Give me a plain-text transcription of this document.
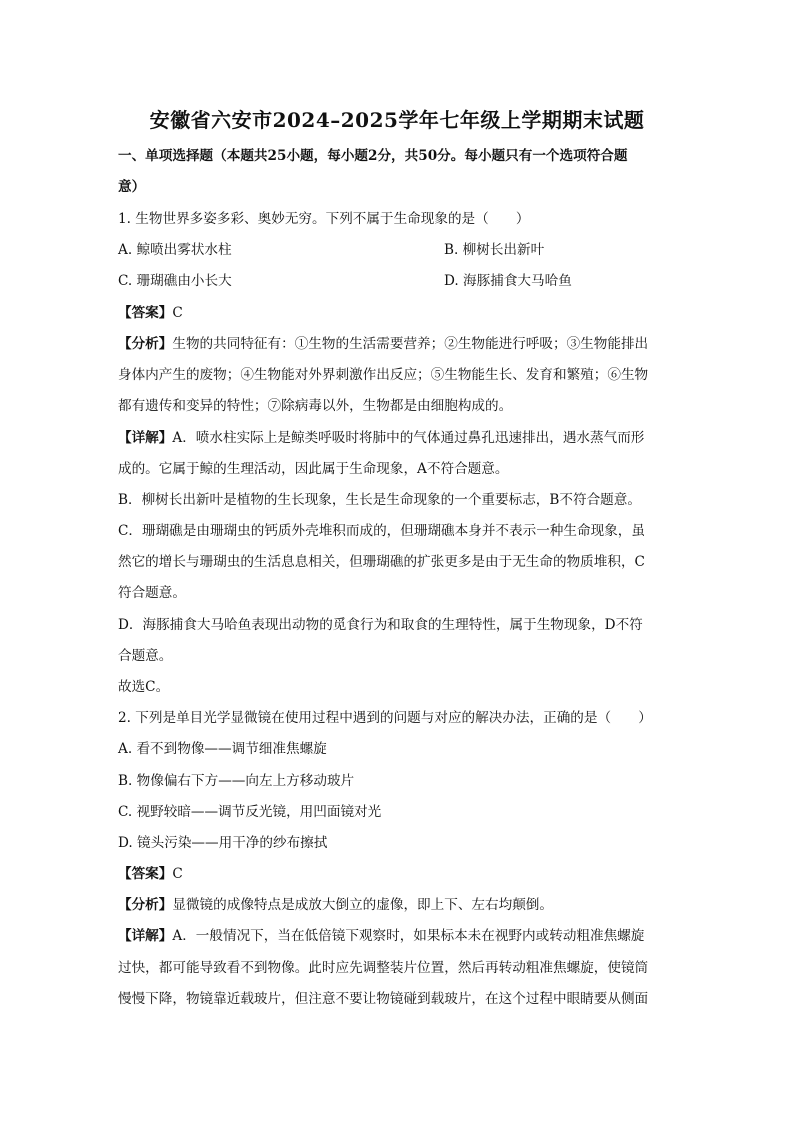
安徽省六安市2024–2025学年七年级上学期期末试题
一、单项选择题（本题共25小题，每小题2分，共50分。每小题只有一个选项符合题
意）
1. 生物世界多姿多彩、奥妙无穷。下列不属于生命现象的是（　　）
A. 鲸喷出雾状水柱	B. 柳树长出新叶
C. 珊瑚礁由小长大	D. 海豚捕食大马哈鱼
【答案】C
【分析】生物的共同特征有：①生物的生活需要营养；②生物能进行呼吸；③生物能排出
身体内产生的废物；④生物能对外界刺激作出反应；⑤生物能生长、发育和繁殖；⑥生物
都有遗传和变异的特性；⑦除病毒以外，生物都是由细胞构成的。
【详解】A．喷水柱实际上是鲸类呼吸时将肺中的气体通过鼻孔迅速排出，遇水蒸气而形
成的。它属于鲸的生理活动，因此属于生命现象，A不符合题意。
B．柳树长出新叶是植物的生长现象，生长是生命现象的一个重要标志，B不符合题意。
C．珊瑚礁是由珊瑚虫的钙质外壳堆积而成的，但珊瑚礁本身并不表示一种生命现象，虽
然它的增长与珊瑚虫的生活息息相关，但珊瑚礁的扩张更多是由于无生命的物质堆积，C
符合题意。
D．海豚捕食大马哈鱼表现出动物的觅食行为和取食的生理特性，属于生物现象，D不符
合题意。
故选C。
2. 下列是单目光学显微镜在使用过程中遇到的问题与对应的解决办法，正确的是（　　）
A. 看不到物像——调节细准焦螺旋
B. 物像偏右下方——向左上方移动玻片
C. 视野较暗——调节反光镜，用凹面镜对光
D. 镜头污染——用干净的纱布擦拭
【答案】C
【分析】显微镜的成像特点是成放大倒立的虚像，即上下、左右均颠倒。
【详解】A．一般情况下，当在低倍镜下观察时，如果标本未在视野内或转动粗准焦螺旋
过快，都可能导致看不到物像。此时应先调整装片位置，然后再转动粗准焦螺旋，使镜筒
慢慢下降，物镜靠近载玻片，但注意不要让物镜碰到载玻片，在这个过程中眼睛要从侧面
